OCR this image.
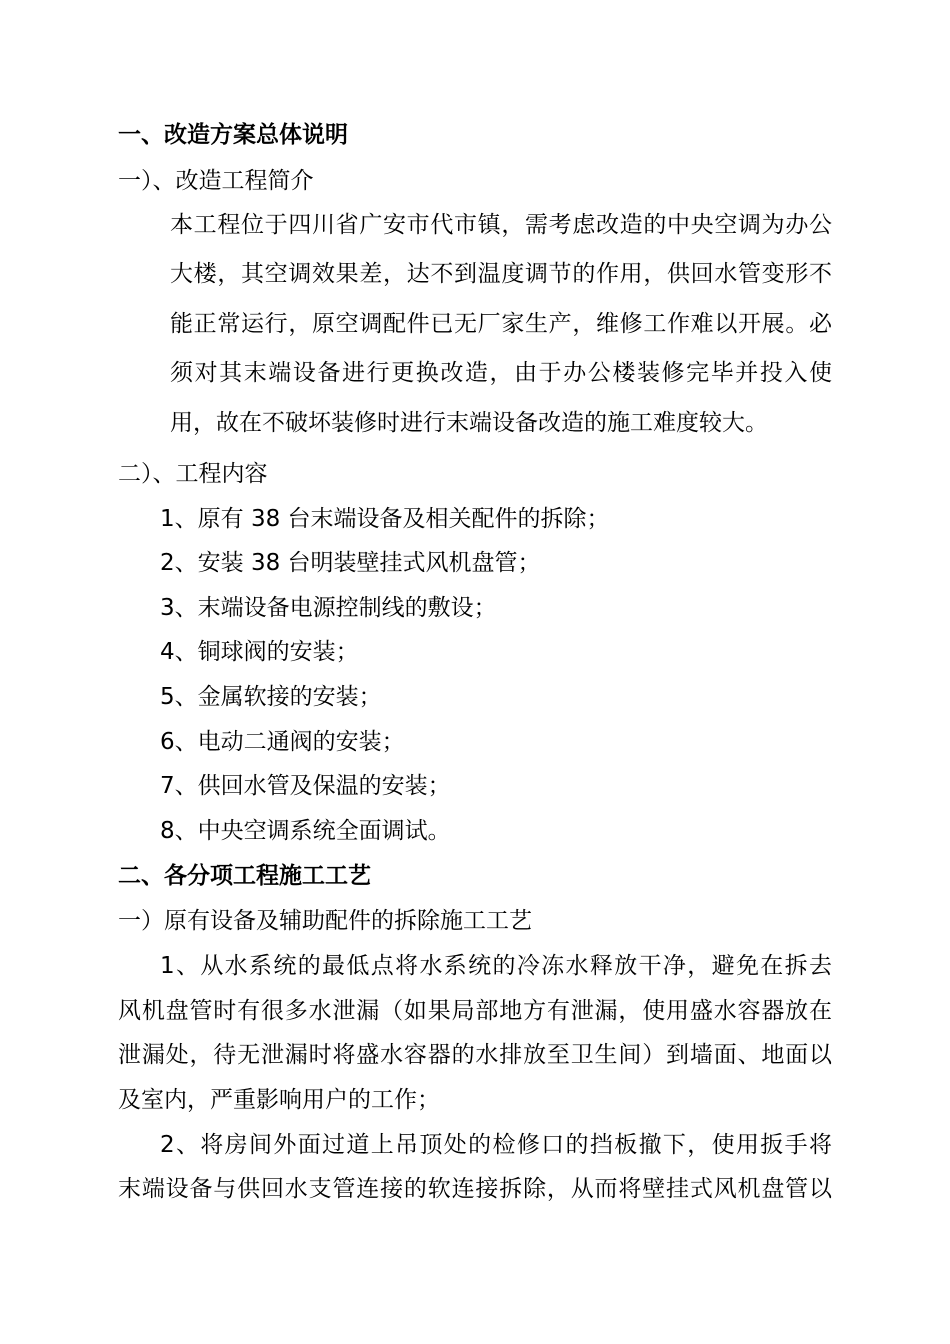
一、改造方案总体说明
一）、改造工程简介
本工程位于四川省广安市代市镇，需考虑改造的中央空调为办公
大楼，其空调效果差，达不到温度调节的作用，供回水管变形不
能正常运行，原空调配件已无厂家生产，维修工作难以开展。必
须对其末端设备进行更换改造，由于办公楼装修完毕并投入使
用，故在不破坏装修时进行末端设备改造的施工难度较大。
二）、工程内容
1、原有 38 台末端设备及相关配件的拆除；
2、安装 38 台明装壁挂式风机盘管；
3、末端设备电源控制线的敷设；
4、铜球阀的安装；
5、金属软接的安装；
6、电动二通阀的安装；
7、供回水管及保温的安装；
8、中央空调系统全面调试。
二、各分项工程施工工艺
一）原有设备及辅助配件的拆除施工工艺
1、从水系统的最低点将水系统的冷冻水释放干净，避免在拆去
风机盘管时有很多水泄漏（如果局部地方有泄漏，使用盛水容器放在
泄漏处，待无泄漏时将盛水容器的水排放至卫生间）到墙面、地面以
及室内，严重影响用户的工作；
2、将房间外面过道上吊顶处的检修口的挡板撤下，使用扳手将
末端设备与供回水支管连接的软连接拆除，从而将壁挂式风机盘管以
